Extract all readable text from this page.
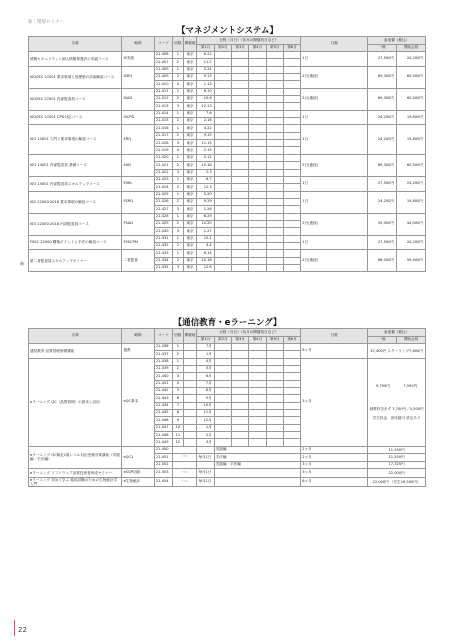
新｜階層セミナー
【マネジメントシステム】
名称	略称	コード	回数	開催地	日程（月日）（各月の開催初日など）						日数	参加費（税込）	
					第1月	第2月	第3月	第4月	第5月	第6月		一般	賛助会員
情報セキュリティと個人情報保護法の実践コース	IS実践	21-408	1	東京	6.22						1日	27,500円	24,200円
		21-407	2	東京	11.2								
ISO/IEC 27001 要求事項と管理策の詳細解説コース	ISRQ	21-409	1	東京	5.24						2日(連続)	69,300円	60,500円
		21-409	2	東京	9.13								
		21-410	3	東京	1.13								
ISO/IEC 27001 内部監査員コース	ISAD	21-411	1	東京	6.10						2日(連続)	69,300円	60,500円
		21-412	2	東京	10.6								
		21-413	3	東京	12.13								
ISO/IEC 27001 CPD対応コース	ISCPD	21-414	1	東京	7.6						1日	24,200円	19,800円
		21-415	2	東京	2.16								
ISO 14001 入門と要求事項の解説コース	ERQ	21-416	1	東京	4.22						1日	24,200円	19,800円
		21-417	2	東京	9.15								
		21-418	3	東京	11.15								
		21-419	4	東京	2.15								
ISO 14001 内部監査員 基礎コース	EAD	21-420	1	東京	5.12						2日(連続)	69,300円	60,500円
		21-421	2	東京	10.18								
		21-422	3	東京	2.3								
ISO 14001 内部監査員スキルアップコース	ESKL	21-423	1	東京	6.7						1日	27,500円	24,200円
		21-424	2	東京	12.3								
ISO 22000:2018 要求事項の解説コース	FSRQ	21-425	1	東京	5.20						1日	24,200円	19,800円
		21-426	2	東京	9.29								
		21-427	3	東京	1.26								
ISO 22000:2018 内部監査員コース	FSAD	21-428	1	東京	6.29						2日(連続)	55,000円	44,000円
		21-429	2	東京	10.20								
		21-430	3	東京	1.27								
FSSC 22000 構築ポイントと手法の解説コース	FSSCPM	21-431	1	東京	10.1						1日	27,500円	24,200円
		21-432	2	東京	3.4								
第二者監査員スキルアップセミナー	二者監査	21-433	1	東京	6.14						2日(連続)	66,000円	59,400円
		21-434	2	東京	10.18								
		21-435	3	東京	12.8								
【通信教育・eラーニング】
名称	略称	コード	回数	開催地	日程（月日）（各月の開催初日など）						日数	参加費（税込）	
					第1月	第2月	第3月	第4月	第5月	第6月		一般	賛助会員
通信教育 品質管理基礎講座	通教	21-436	1		7月						6ヵ月	37,400円 スクーリング7,800円	
		21-437	2		1月								
eラーニング QC（品質管理）の基本と活用	eQC基本	21-438	1		4月						3ヵ月	9,790円 7,590円
副教材含まず 7,700円／5,500円
学生料金、団体割引 設定あり	

		21-439	2		5月								
		21-440	3		6月								
		21-441	4		7月								
		21-442	5		8月								
		21-443	6		9月								
		21-444	7		10月								
		21-445	8		11月								
		21-446	9		12月								
		21-447	10		1月								
		21-448	11		2月								
		21-449	12		3月								
eラーニング QC検定1級レベル対応受検対策講座（実践編・手法編）	eQC1	21-450				実践編					2ヵ月	11,550円	
		21-451	ﾃﾞｲﾘｰ		毎月1日	手法編					2ヵ月	11,550円	
		21-452				実践編・手法編					3ヵ月	17,325円	
eラーニング ソフトウェア品質技術者育成セミナー	eSQP初級	21-453	ﾃﾞｲﾘｰ		毎月1日						3ヵ月	22,000円	
eラーニング 初めて学ぶ 臨床試験のための生物統計学入門	e生物統計	21-454	ﾃﾞｲﾘｰ		毎月1日						6ヵ月	22,000円 （学生16,500円）	
22
新
